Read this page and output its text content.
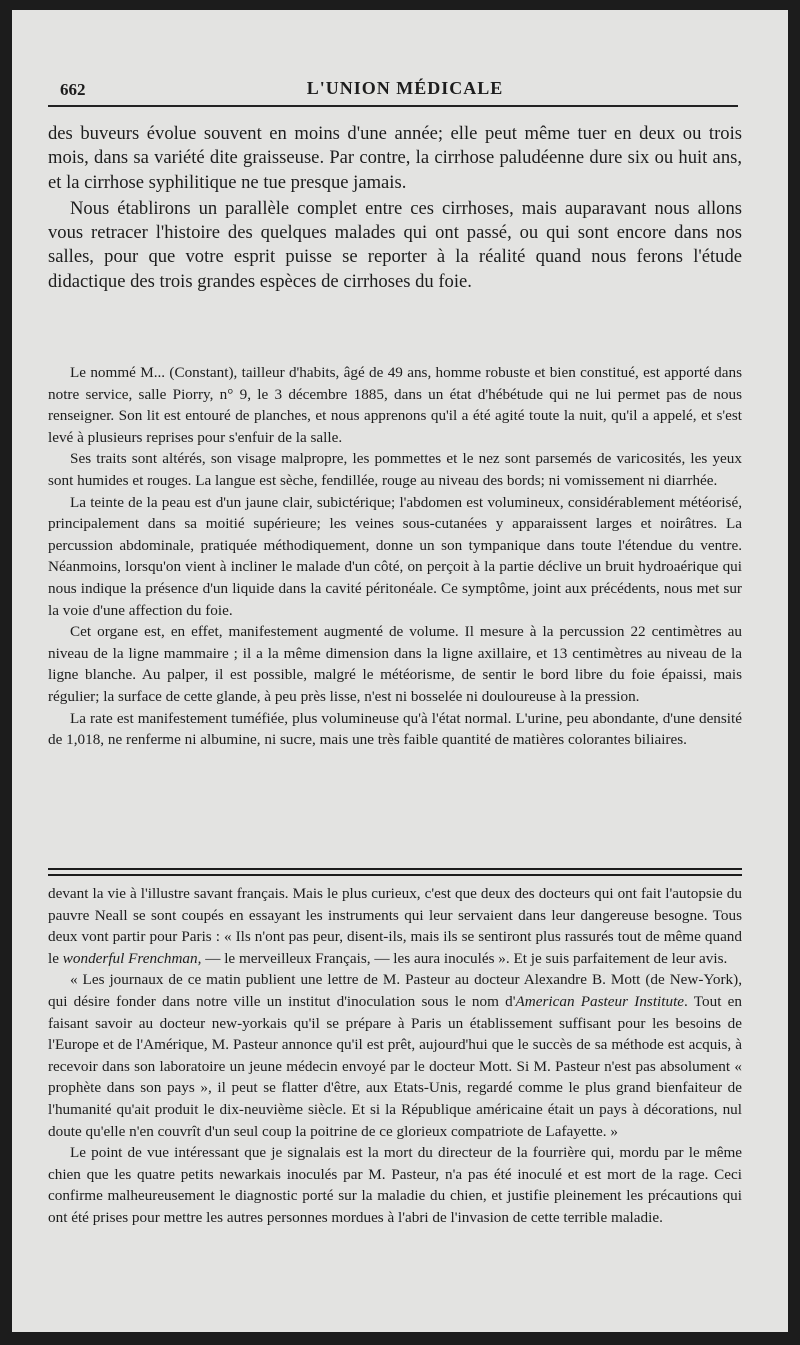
662	L'UNION MÉDICALE

des buveurs évolue souvent en moins d'une année; elle peut même tuer en deux ou trois mois, dans sa variété dite graisseuse. Par contre, la cirrhose paludéenne dure six ou huit ans, et la cirrhose syphilitique ne tue presque jamais.

Nous établirons un parallèle complet entre ces cirrhoses, mais auparavant nous allons vous retracer l'histoire des quelques malades qui ont passé, ou qui sont encore dans nos salles, pour que votre esprit puisse se reporter à la réalité quand nous ferons l'étude didactique des trois grandes espèces de cirrhoses du foie.

Le nommé M... (Constant), tailleur d'habits, âgé de 49 ans, homme robuste et bien constitué, est apporté dans notre service, salle Piorry, n° 9, le 3 décembre 1885, dans un état d'hébétude qui ne lui permet pas de nous renseigner. Son lit est entouré de planches, et nous apprenons qu'il a été agité toute la nuit, qu'il a appelé, et s'est levé à plusieurs reprises pour s'enfuir de la salle.

Ses traits sont altérés, son visage malpropre, les pommettes et le nez sont parsemés de varicosités, les yeux sont humides et rouges. La langue est sèche, fendillée, rouge au niveau des bords; ni vomissement ni diarrhée.

La teinte de la peau est d'un jaune clair, subictérique; l'abdomen est volumineux, considérablement météorisé, principalement dans sa moitié supérieure; les veines sous-cutanées y apparaissent larges et noirâtres. La percussion abdominale, pratiquée méthodiquement, donne un son tympanique dans toute l'étendue du ventre. Néanmoins, lorsqu'on vient à incliner le malade d'un côté, on perçoit à la partie déclive un bruit hydroaérique qui nous indique la présence d'un liquide dans la cavité péritonéale. Ce symptôme, joint aux précédents, nous met sur la voie d'une affection du foie.

Cet organe est, en effet, manifestement augmenté de volume. Il mesure à la percussion 22 centimètres au niveau de la ligne mammaire ; il a la même dimension dans la ligne axillaire, et 13 centimètres au niveau de la ligne blanche. Au palper, il est possible, malgré le météorisme, de sentir le bord libre du foie épaissi, mais régulier; la surface de cette glande, à peu près lisse, n'est ni bosselée ni douloureuse à la pression.

La rate est manifestement tuméfiée, plus volumineuse qu'à l'état normal. L'urine, peu abondante, d'une densité de 1,018, ne renferme ni albumine, ni sucre, mais une très faible quantité de matières colorantes biliaires.

devant la vie à l'illustre savant français. Mais le plus curieux, c'est que deux des docteurs qui ont fait l'autopsie du pauvre Neall se sont coupés en essayant les instruments qui leur servaient dans leur dangereuse besogne. Tous deux vont partir pour Paris : « Ils n'ont pas peur, disent-ils, mais ils se sentiront plus rassurés tout de même quand le wonderful Frenchman, — le merveilleux Français, — les aura inoculés ». Et je suis parfaitement de leur avis.

« Les journaux de ce matin publient une lettre de M. Pasteur au docteur Alexandre B. Mott (de New-York), qui désire fonder dans notre ville un institut d'inoculation sous le nom d'American Pasteur Institute. Tout en faisant savoir au docteur new-yorkais qu'il se prépare à Paris un établissement suffisant pour les besoins de l'Europe et de l'Amérique, M. Pasteur annonce qu'il est prêt, aujourd'hui que le succès de sa méthode est acquis, à recevoir dans son laboratoire un jeune médecin envoyé par le docteur Mott. Si M. Pasteur n'est pas absolument « prophète dans son pays », il peut se flatter d'être, aux Etats-Unis, regardé comme le plus grand bienfaiteur de l'humanité qu'ait produit le dix-neuvième siècle. Et si la République américaine était un pays à décorations, nul doute qu'elle n'en couvrît d'un seul coup la poitrine de ce glorieux compatriote de Lafayette. »

Le point de vue intéressant que je signalais est la mort du directeur de la fourrière qui, mordu par le même chien que les quatre petits newarkais inoculés par M. Pasteur, n'a pas été inoculé et est mort de la rage. Ceci confirme malheureusement le diagnostic porté sur la maladie du chien, et justifie pleinement les précautions qui ont été prises pour mettre les autres personnes mordues à l'abri de l'invasion de cette terrible maladie.
